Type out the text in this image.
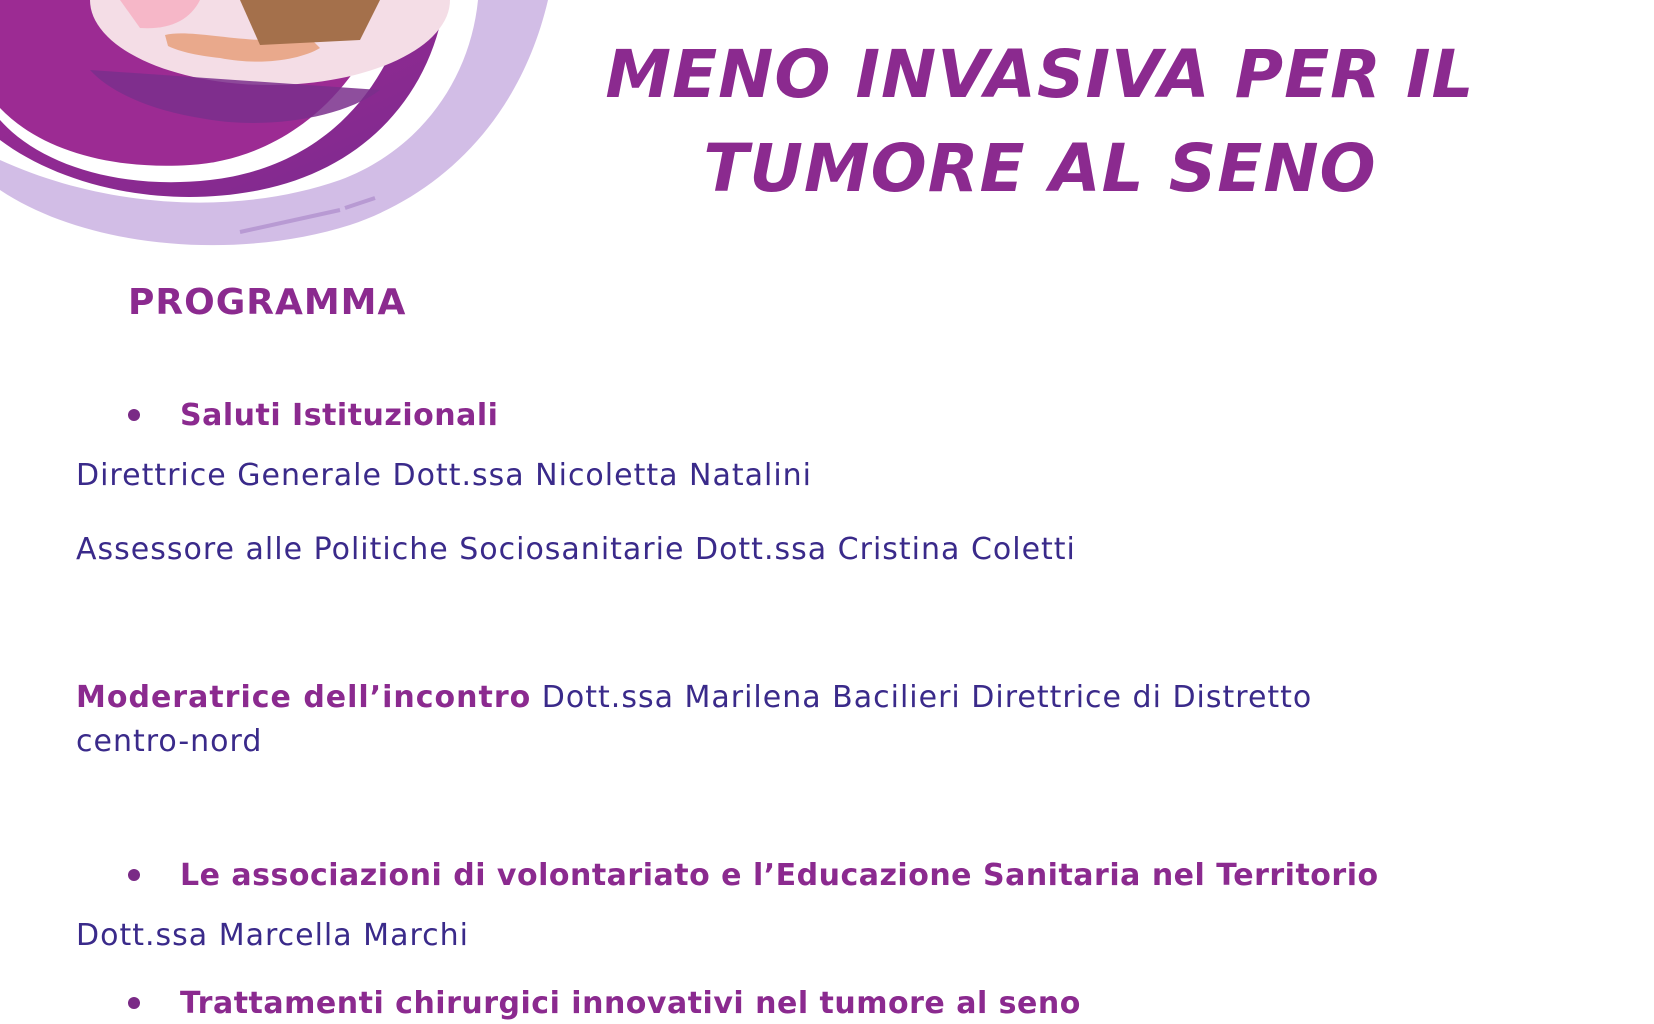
MENO INVASIVA PER IL
TUMORE AL SENO
PROGRAMMA
Saluti Istituzionali
Direttrice Generale Dott.ssa Nicoletta Natalini
Assessore alle Politiche Sociosanitarie Dott.ssa Cristina Coletti
Moderatrice dell’incontro Dott.ssa Marilena Bacilieri Direttrice di Distretto
centro-nord
Le associazioni di volontariato e l’Educazione Sanitaria nel Territorio
Dott.ssa Marcella Marchi
Trattamenti chirurgici innovativi nel tumore al seno
